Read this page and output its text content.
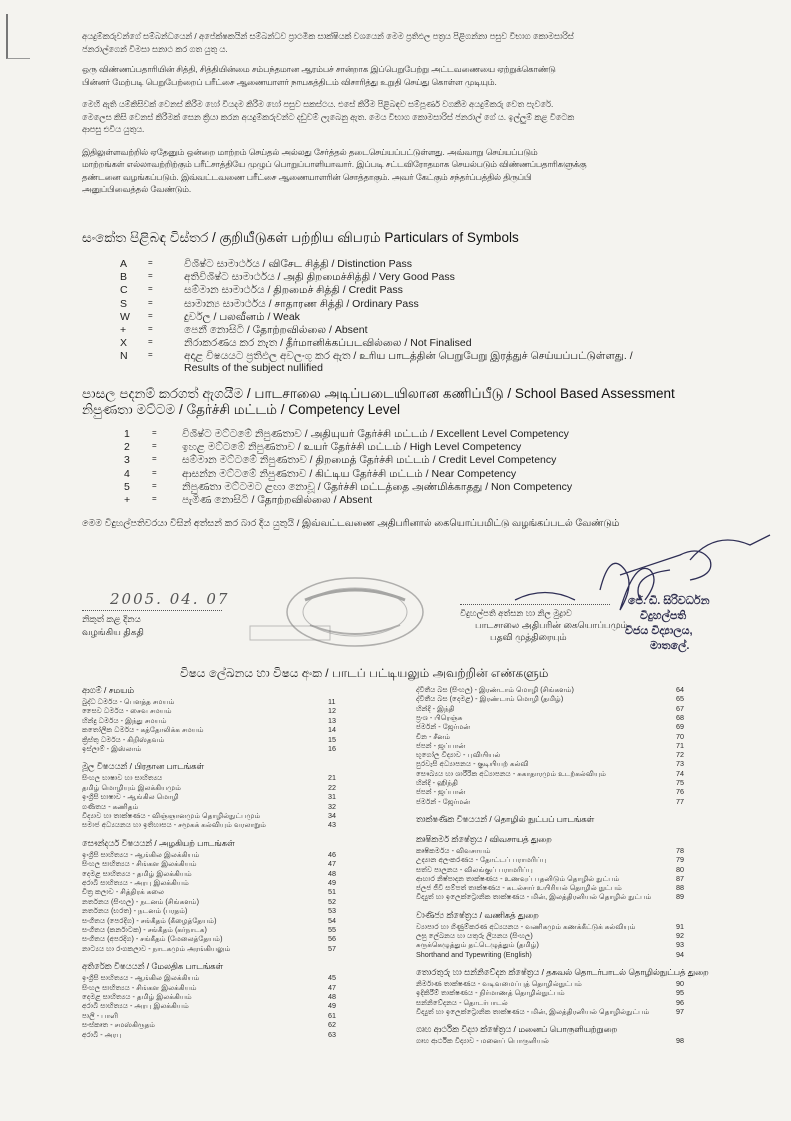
අයදුම්කරුවන්ගේ සම්බන්ධයෙන් / අපේක්ෂකයින් සම්බන්ධව ප්‍රාථමික සාක්ෂියක් වශයෙන් මෙම ප්‍රතිඵල පත්‍රය පිළිගන්නා පසුව විභාග කොමසාරිස්
ජනරාල්ගෙන් විමසා සනාථ කර ගත යුතු ය.
ஒரு விண்ணப்பதாரியின் சித்தி, சித்தியின்மை சம்பந்தமான ஆரம்பச் சான்றாக இப்பெறுபேற்று அட்டவணையை ஏற்றுக்கொண்டு
பின்னர் மேற்படி பெறுபேற்றைப் பரீட்சை ஆணையாளர் நாயகத்திடம் விசாரித்து உறுதி செய்து கொள்ள முடியும்.
මෙහි ඇති යම්කිසිවක් වෙනස් කිරීම හෝ වියදම කිරීම හෝ පසුව සකස්ථය. එසේ කිරීම පිළිබඳව සම්පූර්ණ වගකීම අයදුම්කරු වෙත පැවරේ.
මෙලෙස කිසි වෙනස් කිරීමක් සෙන ක්‍රියා කරන අයදුම්කරුවන්ට දඩුවම් ලැබෙනු ඇත. මෙය විභාග කොමසාරිස් ජනරාල් ගේ ය. ඉල්ලුම් කළ විටෙක
ආපසු එවිය යුතුය.
இதிலுள்ளவற்றில் ஏதேனும் ஒன்றை மாற்றம் செய்தல் அல்லது சேர்த்தல் தடைசெய்யப்பட்டுள்ளது. அவ்வாறு செய்யப்படும்
மாற்றங்கள் எல்லாவற்றிற்கும் பரீட்சாத்தியே முழுப் பொறுப்பாளியாவார். இப்படி சட்டவிரோதமாக செயல்படும் விண்ணப்பதாரிகளுக்கு
தண்டனை வழங்கப்படும். இவ்வட்டவணை பரீட்சை ஆணையாளரின் சொத்தாகும். அவர் கேட்கும் சந்தர்ப்பத்தில் திருப்பி
அனுப்பிவைத்தல் வேண்டும்.
සංකේත පිළිබඳ විස්තර / குறியீடுகள் பற்றிய விபரம் Particulars of Symbols
A	=	විශිෂ්ට සාමාර්ථය / விசேட சித்தி / Distinction Pass
B	=	අතිවිශිෂ්ට සාමාර්ථය / அதி திறமைச்சித்தி / Very Good Pass
C	=	සම්මාන සාමාර්ථය / திறமைச் சித்தி / Credit Pass
S	=	සාමාන්‍ය සාමාර්ථය / சாதாரண சித்தி / Ordinary Pass
W	=	දුර්වල / பலவீனம் / Weak
+	=	පෙනී නොසිටි / தோற்றவில்லை / Absent
X	=	නිරාකරණය කර නැත / தீர்மானிக்கப்படவில்லை / Not Finalised
N	=	අදාළ විෂයයට ප්‍රතිඵල අවලංගු කර ඇත / உரிய பாடத்தின் பெறுபேறு இரத்துச் செய்யப்பட்டுள்ளது. /
Results of the subject nullified
පාසල පදනම් කරගත් ඇගයීම / பாடசாலை அடிப்படையிலான கணிப்பீடு / School Based Assessment
නිපුණතා මට්ටම / தேர்ச்சி மட்டம் / Competency Level
1	= විශිෂ්ට මට්ටමේ නිපුණතාව / அதியுயர் தேர்ச்சி மட்டம் / Excellent Level Competency
2	= ඉහළ මට්ටමේ නිපුණතාව / உயர் தேர்ச்சி மட்டம் / High Level Competency
3	= සම්මාන මට්ටමේ නිපුණතාව / திறமைத் தேர்ச்சி மட்டம் / Credit Level Competency
4	= ආසන්න මට්ටමේ නිපුණතාව / கிட்டிய தேர்ச்சி மட்டம் / Near Competency
5	= නිපුණතා මට්ටමට ළඟා නොවූ / தேர்ச்சி மட்டத்தை அண்மிக்காதது / Non Competency
+	= පැමිණ නොසිටි / தோற்றவில்லை / Absent
මෙම විදුහල්පතිවරයා විසින් අත්සන් කර බාර දිය යුතුයි / இவ்வட்டவணை அதிபரினால் கையொப்பமிட்டு வழங்கப்படல் வேண்டும்
2005. 04. 07
නිකුත් කළ දිනය
வழங்கிய திகதி
විදුහල්පති අත්සන හා නිල මුද්‍රාව
பாடசாலை அதிபரின் கையொப்பமும்
பதவி முத்திரையும்
ජේ. ඩී. සිරිවර්ධන
විදුහල්පති
විජය විද්‍යාලය,
මාතලේ.
විෂය ලේඛනය හා විෂය අංක / பாடப் பட்டியலும் அவற்றின் எண்களும்
ආගම් / சமயம்
බුද්ධ ධර්මය - பௌத்த சமயம்	11
සෛව ධර්මය - சைவ சமயம்	12
හින්දු ධර්මය - இந்து சமயம்	13
කතෝලික ධර්මය - கத்தோலிக்க சமயம்	14
ක්‍රිස්තු ධර්මය - கிறிஸ்தவம்	15
ඉස්ලාම් - இஸ்லாம்	16
මූල විෂයයන් / பிரதான பாடங்கள்
සිංහල භාෂාව හා සාහිත්‍යය	21
தமிழ் மொழியும் இலக்கியமும்	22
ඉංග්‍රීසි භාෂාව - ஆங்கில மொழி	31
ගණිතය - கணிதம்	32
විද්‍යාව හා තාක්ෂණය - விஞ்ஞானமும் தொழில்நுட்பமும்	34
සමාජ අධ්‍යයනය හා ඉතිහාසය - சமூகக் கல்வியும் வரலாறும்	43
සෞන්දර්ය විෂයයන් / அழகியற் பாடங்கள்
ඉංග්‍රීසි සාහිත්‍යය - ஆங்கில இலக்கியம்	46
සිංහල සාහිත්‍යය - சிங்கள இலக்கியம்	47
දෙමළ සාහිත්‍යය - தமிழ் இலக்கியம்	48
අරාබි සාහිත්‍යය - அரபு இலக்கியம்	49
චිත්‍ර කලාව - சித்திரக் கலை	51
නර්තනය (සිංහල) - நடனம் (சிங்களம்)	52
නර්තනය (භරත) - நடனம் (பரதம்)	53
සංගීතය (පෙරදිග) - சங்கீதம் (கீழைத்தேயம்)	54
සංගීතය (කර්නාටක) - சங்கீதம் (கர்நாடக)	55
සංගීතය (අපරදිග) - சங்கீதம் (மேலைத்தேயம்)	56
නාට්‍යය හා රංගකලාව - நாடகமும் அரங்கியலும்	57
අතිරේක විෂයයන් / மேலதிக பாடங்கள்
ඉංග්‍රීසි සාහිත්‍යය - ஆங்கில இலக்கியம்	45
සිංහල සාහිත්‍යය - சிங்கள இலக்கியம்	47
දෙමළ සාහිත්‍යය - தமிழ் இலக்கியம்	48
අරාබි සාහිත්‍යය - அரபு இலக்கியம்	49
පාලි - பாளி	61
සංස්කෘත - சமஸ்கிருதம்	62
අරාබි - அரபு	63
ද්විතීය බස (සිංහල) - இரண்டாம் மொழி (சிங்களம்)	64
ද්විතීය බස (දෙමළ) - இரண்டாம் மொழி (தமிழ்)	65
හින්දි - இந்தி	67
ප්‍රංශ - பிரெஞ்சு	68
ජර්මන් - ஜேர்மன்	69
චීන - சீனம்	70
ජපන් - ஜப்பான்	71
භූගෝල විද්‍යාව - புவியியல்	72
පුරවැසි අධ්‍යාපනය - குடியியற் கல்வி	73
සෞඛ්‍යය හා ශාරීරික අධ්‍යාපනය - சுகாதாரமும் உடற்கல்வியும்	74
හින්දි - ஹிந்தி	75
ජපන් - ஜப்பான்	76
ජර්මන් - ஜேர்மன்	77
තාක්ෂණික විෂයයන් / தொழில் நுட்பப் பாடங்கள்
කෘෂිකර්ම ක්ෂේත්‍රය / விவசாயத் துறை
කෘෂිකර්මය - விவசாயம்	78
උද්‍යාන අලංකරණය - தோட்டப் பராமரிப்பு	79
සත්ව පාලනය - விலங்குப் பராமரிப்பு	80
ආහාර නිෂ්පාදන තාක්ෂණය - உணவுப் பதனிடும் தொழில் நுட்பம்	87
ජලජ ජීවී සම්පත් තාක්ෂණය - கடல்சார் உயிரியல் தொழில் நுட்பம்	88
විද්‍යුත් හා ඉලෙක්ට්‍රොනික තාක්ෂණය - மின், இலத்திரனியல் தொழில் நுட்பம்	89
වාණිජ්‍ය ක්ෂේත්‍රය / வணிகத் துறை
ව්‍යාපාර හා ගිණුම්කරණ අධ්‍යයනය - வணிகமும் கணக்கீட்டுக் கல்வியும்	91
ලඝු ලේඛනය හා යතුරු ලියනය (සිංහල)	92
சுருக்கெழுத்தும் தட்டெழுத்தும் (தமிழ்)	93
Shorthand and Typewriting (English)	94
තොරතුරු හා සන්නිවේදන ක්ෂේත්‍රය / தகவல் தொடர்பாடல் தொழில்நுட்பத் துறை
නිර්මාණ තාක්ෂණය - வடிவமைப்புத் தொழில்நுட்பம்	90
ඉදිකිරීම් තාක්ෂණය - நிர்மாணத் தொழில்நுட்பம்	95
සන්නිවේදනය - தொடர்பாடல்	96
විද්‍යුත් හා ඉලෙක්ට්‍රොනික තාක්ෂණය - மின், இலத்திரனியல் தொழில்நுட்பம்	97
ගෘහ ආර්ථික විද්‍යා ක්ෂේත්‍රය / மனைப் பொருளியற்றுறை
ගෘහ ආර්ථික විද්‍යාව - மனைப் பொருளியல்	98
